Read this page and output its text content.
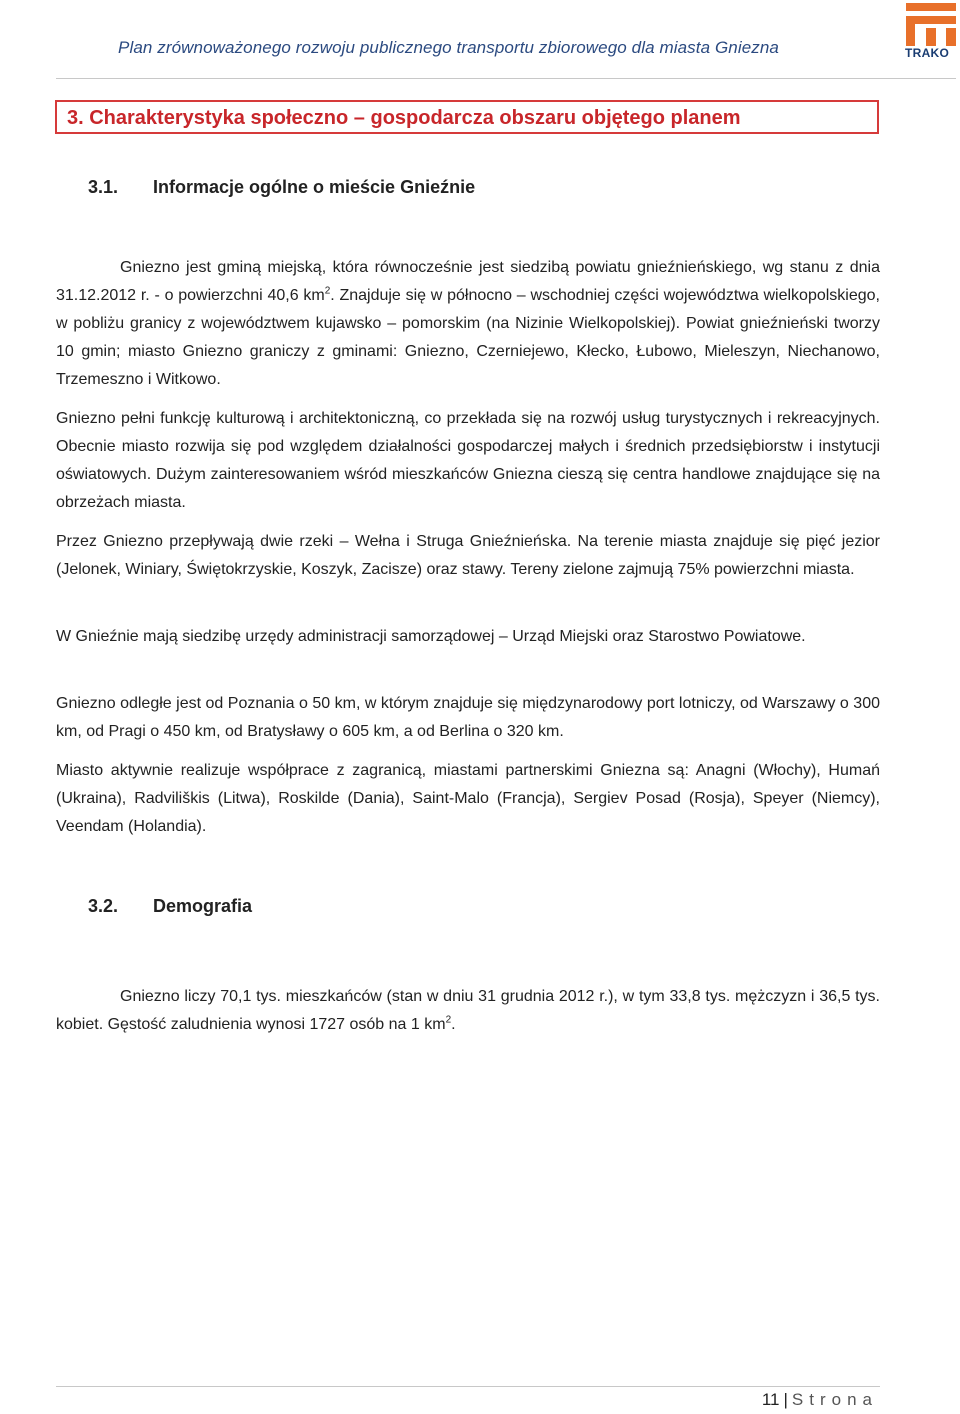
Plan zrównoważonego rozwoju publicznego transportu zbiorowego dla miasta Gniezna	TRAKO
3. Charakterystyka społeczno – gospodarcza obszaru objętego planem
3.1. Informacje ogólne o mieście Gnieźnie
Gniezno jest gminą miejską, która równocześnie jest siedzibą powiatu gnieźnieńskiego, wg stanu z dnia 31.12.2012 r. - o powierzchni 40,6 $km^2$. Znajduje się w północno – wschodniej części województwa wielkopolskiego, w pobliżu granicy z województwem kujawsko – pomorskim (na Nizinie Wielkopolskiej). Powiat gnieźnieński tworzy 10 gmin; miasto Gniezno graniczy z gminami: Gniezno, Czerniejewo, Kłecko, Łubowo, Mieleszyn, Niechanowo, Trzemeszno i Witkowo.
Gniezno pełni funkcję kulturową i architektoniczną, co przekłada się na rozwój usług turystycznych i rekreacyjnych. Obecnie miasto rozwija się pod względem działalności gospodarczej małych i średnich przedsiębiorstw i instytucji oświatowych. Dużym zainteresowaniem wśród mieszkańców Gniezna cieszą się centra handlowe znajdujące się na obrzeżach miasta.
Przez Gniezno przepływają dwie rzeki – Wełna i Struga Gnieźnieńska. Na terenie miasta znajduje się pięć jezior (Jelonek, Winiary, Świętokrzyskie, Koszyk, Zacisze) oraz stawy. Tereny zielone zajmują 75% powierzchni miasta.
W Gnieźnie mają siedzibę urzędy administracji samorządowej – Urząd Miejski oraz Starostwo Powiatowe.
Gniezno odległe jest od Poznania o 50 km, w którym znajduje się międzynarodowy port lotniczy, od Warszawy o 300 km, od Pragi o 450 km, od Bratysławy o 605 km, a od Berlina o 320 km.
Miasto aktywnie realizuje współprace z zagranicą, miastami partnerskimi Gniezna są: Anagni (Włochy), Humań (Ukraina), Radviliškis (Litwa), Roskilde (Dania), Saint-Malo (Francja), Sergiev Posad (Rosja), Speyer (Niemcy), Veendam (Holandia).
3.2. Demografia
Gniezno liczy 70,1 tys. mieszkańców (stan w dniu 31 grudnia 2012 r.), w tym 33,8 tys. mężczyzn i 36,5 tys. kobiet. Gęstość zaludnienia wynosi 1727 osób na 1 $km^2$.
11 | Strona
